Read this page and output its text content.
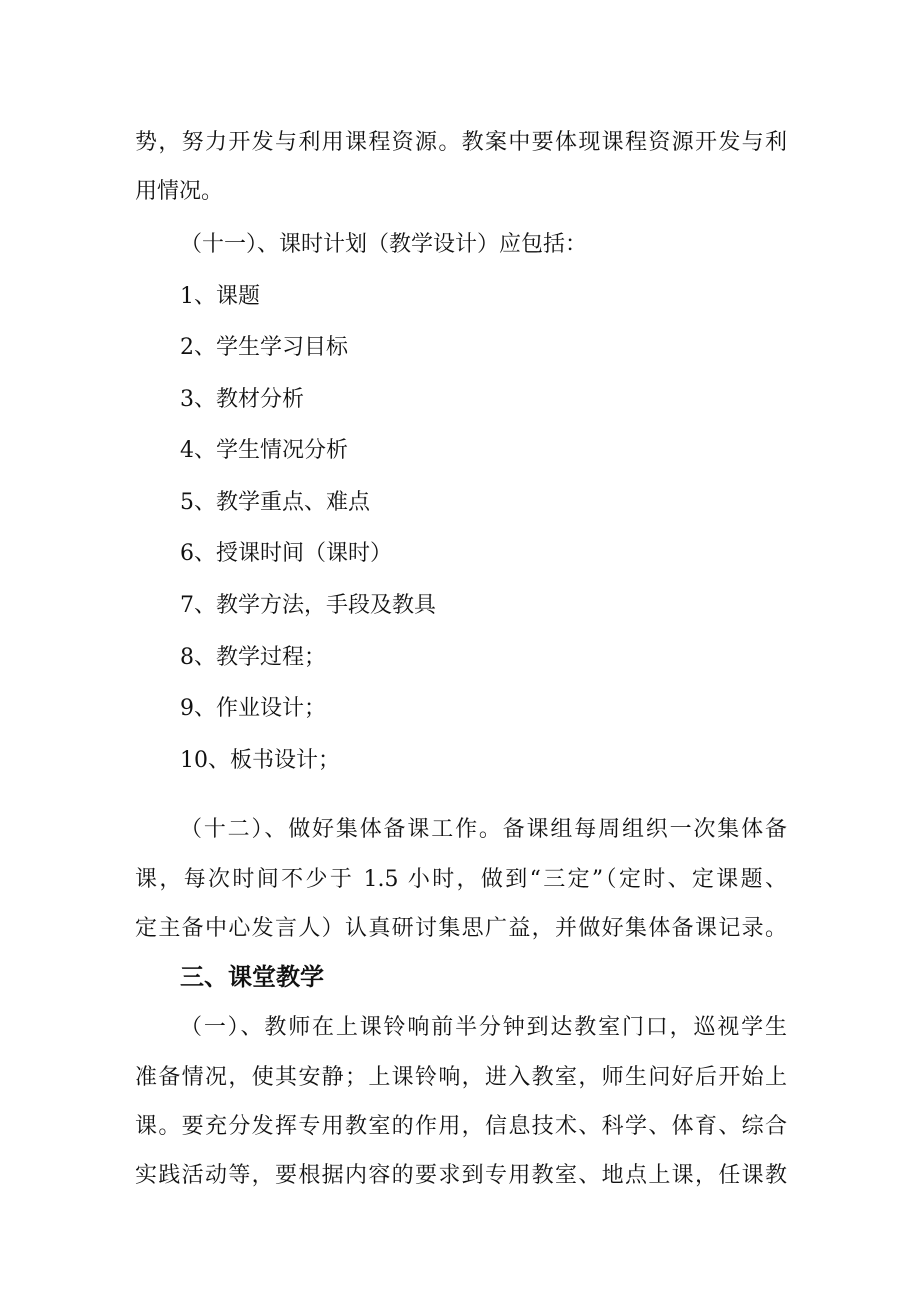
势，努力开发与利用课程资源。教案中要体现课程资源开发与利
用情况。
（十一）、课时计划（教学设计）应包括：
1、课题
2、学生学习目标
3、教材分析
4、学生情况分析
5、教学重点、难点
6、授课时间（课时）
7、教学方法，手段及教具
8、教学过程；
9、作业设计；
10、板书设计；
（十二）、做好集体备课工作。备课组每周组织一次集体备
课，每次时间不少于 1.5 小时，做到“三定”（定时、定课题、
定主备中心发言人）认真研讨集思广益，并做好集体备课记录。
三、课堂教学
（一）、教师在上课铃响前半分钟到达教室门口，巡视学生
准备情况，使其安静；上课铃响，进入教室，师生问好后开始上
课。要充分发挥专用教室的作用，信息技术、科学、体育、综合
实践活动等，要根据内容的要求到专用教室、地点上课，任课教
